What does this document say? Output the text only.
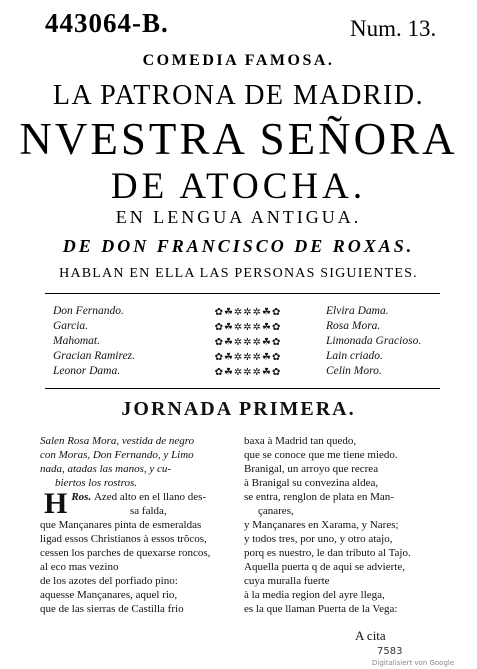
443064-B.	Num. 13.
COMEDIA FAMOSA.
LA PATRONA DE MADRID.
NVESTRA SEÑORA
DE ATOCHA.
EN LENGUA ANTIGUA.
DE DON FRANCISCO DE ROXAS.
HABLAN EN ELLA LAS PERSONAS SIGUIENTES.
Don Fernando.
Garcia.
Mahomat.
Gracian Ramirez.
Leonor Dama.
✿☘✲✲✲☘✿
✿☘✲✲✲☘✿
✿☘✲✲✲☘✿
✿☘✲✲✲☘✿
✿☘✲✲✲☘✿
Elvira Dama.
Rosa Mora.
Limonada Gracioso.
Lain criado.
Celin Moro.
JORNADA PRIMERA.
Salen Rosa Mora, vestida de negro
con Moras, Don Fernando, y Limo
nada, atadas las manos, y cu-
biertos los rostros.
Ros.
H Azed alto en el llano des-
sa falda,
que Mançanares pinta de esmeraldas
ligad essos Christianos à essos trõcos,
cessen los parches de quexarse roncos,
al eco mas vezino
de los azotes del porfiado pino:
aquesse Mançanares, aquel rio,
que de las sierras de Castilla frio
baxa à Madrid tan quedo,
que se conoce que me tiene miedo.
Branigal, un arroyo que recrea
à Branigal su convezina aldea,
se entra, renglon de plata en Man-
çanares,
y Mançanares en Xarama, y Nares;
y todos tres, por uno, y otro atajo,
porq es nuestro, le dan tributo al Tajo.
Aquella puerta q de aqui se advierte,
cuya muralla fuerte
à la media region del ayre llega,
es la que llaman Puerta de la Vega:
A cita
7583
Digitalisiert von Google
